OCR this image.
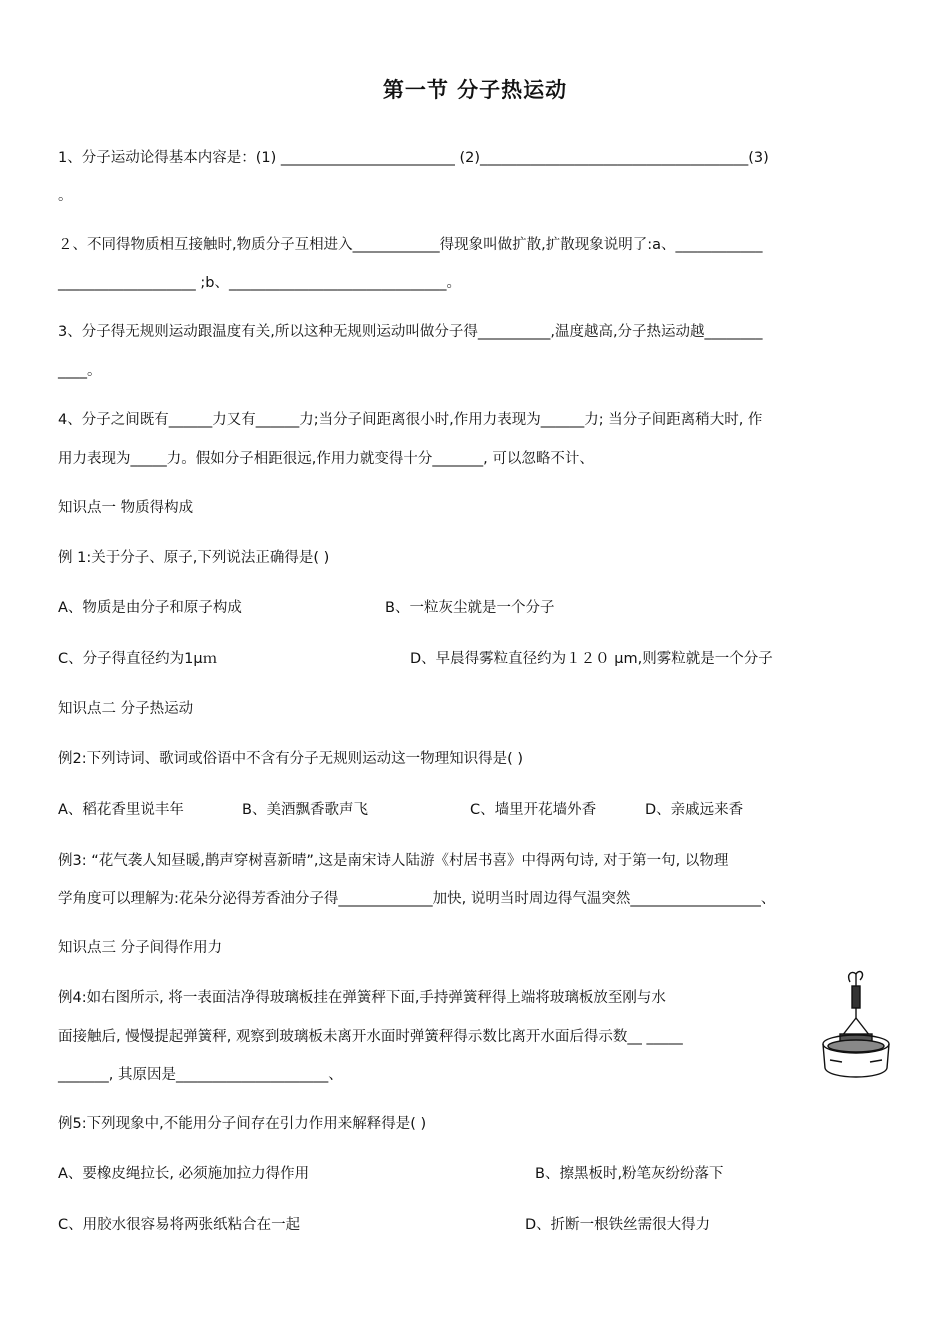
第一节 分子热运动
1、分子运动论得基本内容是：(1) ________________________ (2)_____________________________________(3)
。
２、不同得物质相互接触时,物质分子互相进入____________得现象叫做扩散,扩散现象说明了:a、____________
___________________ ;b、______________________________。
3、分子得无规则运动跟温度有关,所以这种无规则运动叫做分子得__________,温度越高,分子热运动越________
____。
4、分子之间既有______力又有______力;当分子间距离很小时,作用力表现为______力; 当分子间距离稍大时, 作
用力表现为_____力。假如分子相距很远,作用力就变得十分_______, 可以忽略不计、
知识点一 物质得构成
例 1:关于分子、原子,下列说法正确得是( )
A、物质是由分子和原子构成	B、一粒灰尘就是一个分子
C、分子得直径约为1μｍ	D、早晨得雾粒直径约为１２０ μm,则雾粒就是一个分子
知识点二 分子热运动
例2:下列诗词、歌词或俗语中不含有分子无规则运动这一物理知识得是( )
A、稻花香里说丰年	B、美酒飘香歌声飞	C、墙里开花墙外香	D、亲戚远来香
例3: “花气袭人知昼暖,鹊声穿树喜新晴”,这是南宋诗人陆游《村居书喜》中得两句诗, 对于第一句, 以物理
学角度可以理解为:花朵分泌得芳香油分子得_____________加快, 说明当时周边得气温突然__________________、
知识点三 分子间得作用力
例4:如右图所示, 将一表面洁净得玻璃板挂在弹簧秤下面,手持弹簧秤得上端将玻璃板放至刚与水
面接触后, 慢慢提起弹簧秤, 观察到玻璃板未离开水面时弹簧秤得示数比离开水面后得示数__ _____
_______, 其原因是_____________________、
例5:下列现象中,不能用分子间存在引力作用来解释得是( )
A、要橡皮绳拉长, 必须施加拉力得作用	B、擦黑板时,粉笔灰纷纷落下
C、用胶水很容易将两张纸粘合在一起	D、折断一根铁丝需很大得力
